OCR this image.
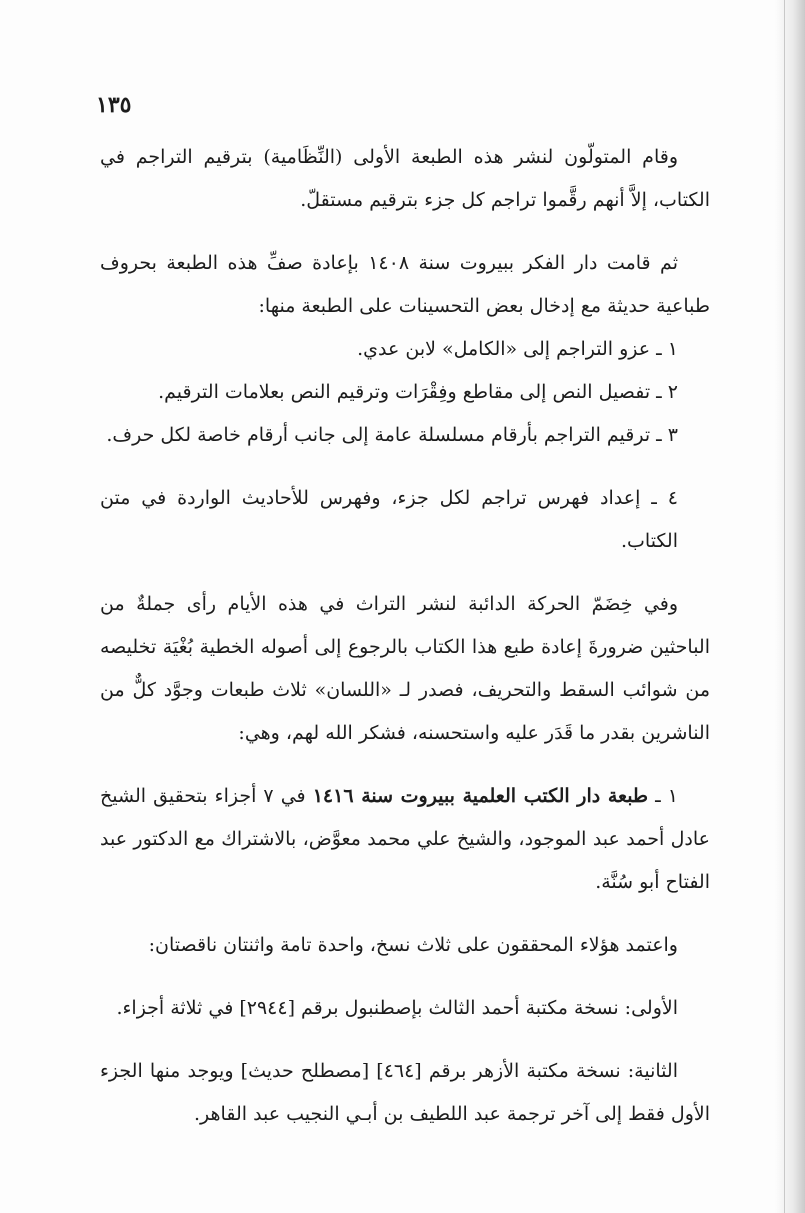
١٣٥

وقام المتولّون لنشر هذه الطبعة الأولى (النِّظَامية) بترقيم التراجم في الكتاب، إلاَّ أنهم رقَّموا تراجم كل جزء بترقيم مستقلّ.

ثم قامت دار الفكر ببيروت سنة ١٤٠٨ بإعادة صفِّ هذه الطبعة بحروف طباعية حديثة مع إدخال بعض التحسينات على الطبعة منها:

١ ـ عزو التراجم إلى «الكامل» لابن عدي.

٢ ـ تفصيل النص إلى مقاطع وفِقْرَات وترقيم النص بعلامات الترقيم.

٣ ـ ترقيم التراجم بأرقام مسلسلة عامة إلى جانب أرقام خاصة لكل حرف.

٤ ـ إعداد فهرس تراجم لكل جزء، وفهرس للأحاديث الواردة في متن الكتاب.

وفي خِضَمّ الحركة الدائبة لنشر التراث في هذه الأيام رأى جملةٌ من الباحثين ضرورةَ إعادة طبع هذا الكتاب بالرجوع إلى أصوله الخطية بُغْيَة تخليصه من شوائب السقط والتحريف، فصدر لـ «اللسان» ثلاث طبعات وجوَّد كلٌّ من الناشرين بقدر ما قَدَر عليه واستحسنه، فشكر الله لهم، وهي:

١ ـ طبعة دار الكتب العلمية ببيروت سنة ١٤١٦ في ٧ أجزاء بتحقيق الشيخ عادل أحمد عبد الموجود، والشيخ علي محمد معوَّض، بالاشتراك مع الدكتور عبد الفتاح أبو سُنَّة.

واعتمد هؤلاء المحققون على ثلاث نسخ، واحدة تامة واثنتان ناقصتان:

الأولى: نسخة مكتبة أحمد الثالث بإصطنبول برقم [٢٩٤٤] في ثلاثة أجزاء.

الثانية: نسخة مكتبة الأزهر برقم [٤٦٤] [مصطلح حديث] ويوجد منها الجزء الأول فقط إلى آخر ترجمة عبد اللطيف بن أبـي النجيب عبد القاهر.
